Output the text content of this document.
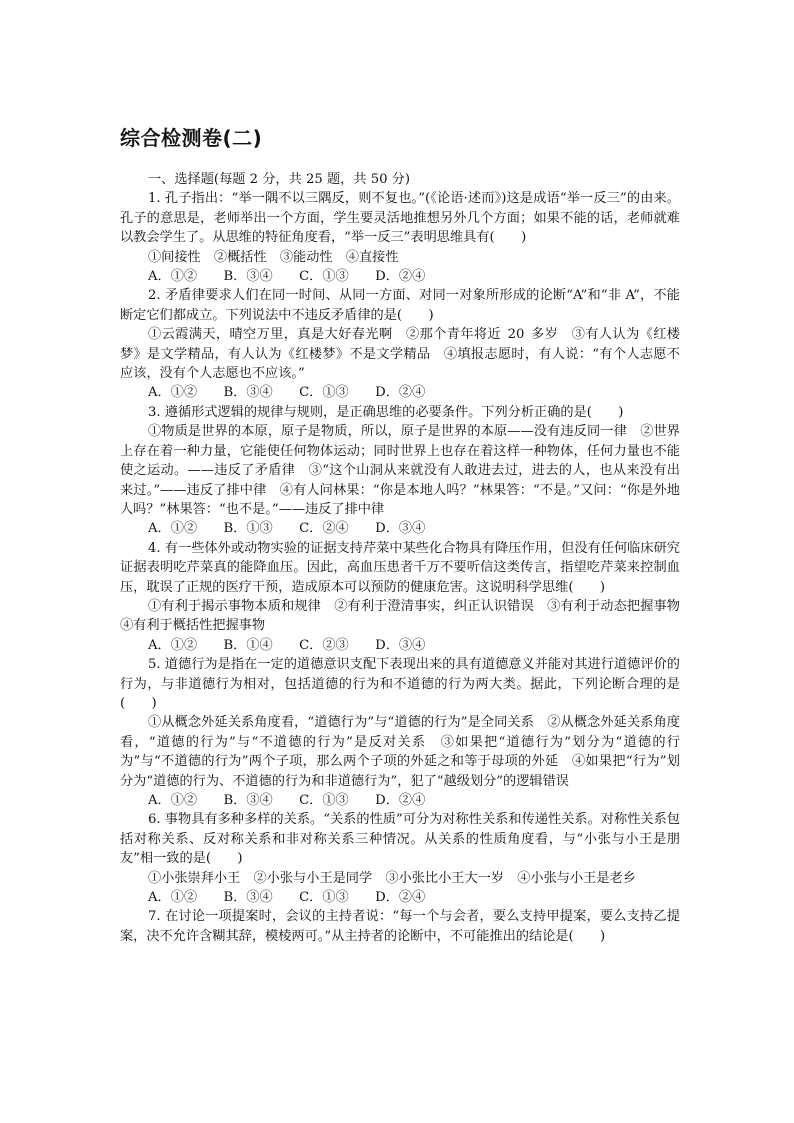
综合检测卷(二)

一、选择题(每题 2 分，共 25 题，共 50 分)

1. 孔子指出：“举一隅不以三隅反，则不复也。”(《论语·述而》)这是成语“举一反三”的由来。孔子的意思是，老师举出一个方面，学生要灵活地推想另外几个方面；如果不能的话，老师就难以教会学生了。从思维的特征角度看，“举一反三”表明思维具有(　　)

①间接性　②概括性　③能动性　④直接性

A．①②　　B．③④　　C．①③　　D．②④

2. 矛盾律要求人们在同一时间、从同一方面、对同一对象所形成的论断“A”和“非 A”，不能断定它们都成立。下列说法中不违反矛盾律的是(　　)

①云霞满天，晴空万里，真是大好春光啊　②那个青年将近 20 多岁　③有人认为《红楼梦》是文学精品，有人认为《红楼梦》不是文学精品　④填报志愿时，有人说：“有个人志愿不应该，没有个人志愿也不应该。”

A．①②　　B．③④　　C．①③　　D．②④

3. 遵循形式逻辑的规律与规则，是正确思维的必要条件。下列分析正确的是(　　)

①物质是世界的本原，原子是物质，所以，原子是世界的本原——没有违反同一律　②世界上存在着一种力量，它能使任何物体运动；同时世界上也存在着这样一种物体，任何力量也不能使之运动。——违反了矛盾律　③“这个山洞从来就没有人敢进去过，进去的人，也从来没有出来过。”——违反了排中律　④有人问林果：“你是本地人吗？”林果答：“不是。”又问：“你是外地人吗？”林果答：“也不是。”——违反了排中律

A．①②　　B．①③　　C．②④　　D．③④

4. 有一些体外或动物实验的证据支持芹菜中某些化合物具有降压作用，但没有任何临床研究证据表明吃芹菜真的能降血压。因此，高血压患者千万不要听信这类传言，指望吃芹菜来控制血压，耽误了正规的医疗干预，造成原本可以预防的健康危害。这说明科学思维(　　)

①有利于揭示事物本质和规律　②有利于澄清事实，纠正认识错误　③有利于动态把握事物　④有利于概括性把握事物

A．①②　　B．①④　　C．②③　　D．③④

5. 道德行为是指在一定的道德意识支配下表现出来的具有道德意义并能对其进行道德评价的行为，与非道德行为相对，包括道德的行为和不道德的行为两大类。据此，下列论断合理的是(　　)

①从概念外延关系角度看，“道德行为”与“道德的行为”是全同关系　②从概念外延关系角度看，“道德的行为”与“不道德的行为”是反对关系　③如果把“道德行为”划分为“道德的行为”与“不道德的行为”两个子项，那么两个子项的外延之和等于母项的外延　④如果把“行为”划分为“道德的行为、不道德的行为和非道德行为”，犯了“越级划分”的逻辑错误

A．①②　　B．③④　　C．①③　　D．②④

6. 事物具有多种多样的关系。“关系的性质”可分为对称性关系和传递性关系。对称性关系包括对称关系、反对称关系和非对称关系三种情况。从关系的性质角度看，与“小张与小王是朋友”相一致的是(　　)

①小张崇拜小王　②小张与小王是同学　③小张比小王大一岁　④小张与小王是老乡

A．①②　　B．③④　　C．①③　　D．②④

7. 在讨论一项提案时，会议的主持者说：“每一个与会者，要么支持甲提案，要么支持乙提案，决不允许含糊其辞，模棱两可。”从主持者的论断中，不可能推出的结论是(　　)
